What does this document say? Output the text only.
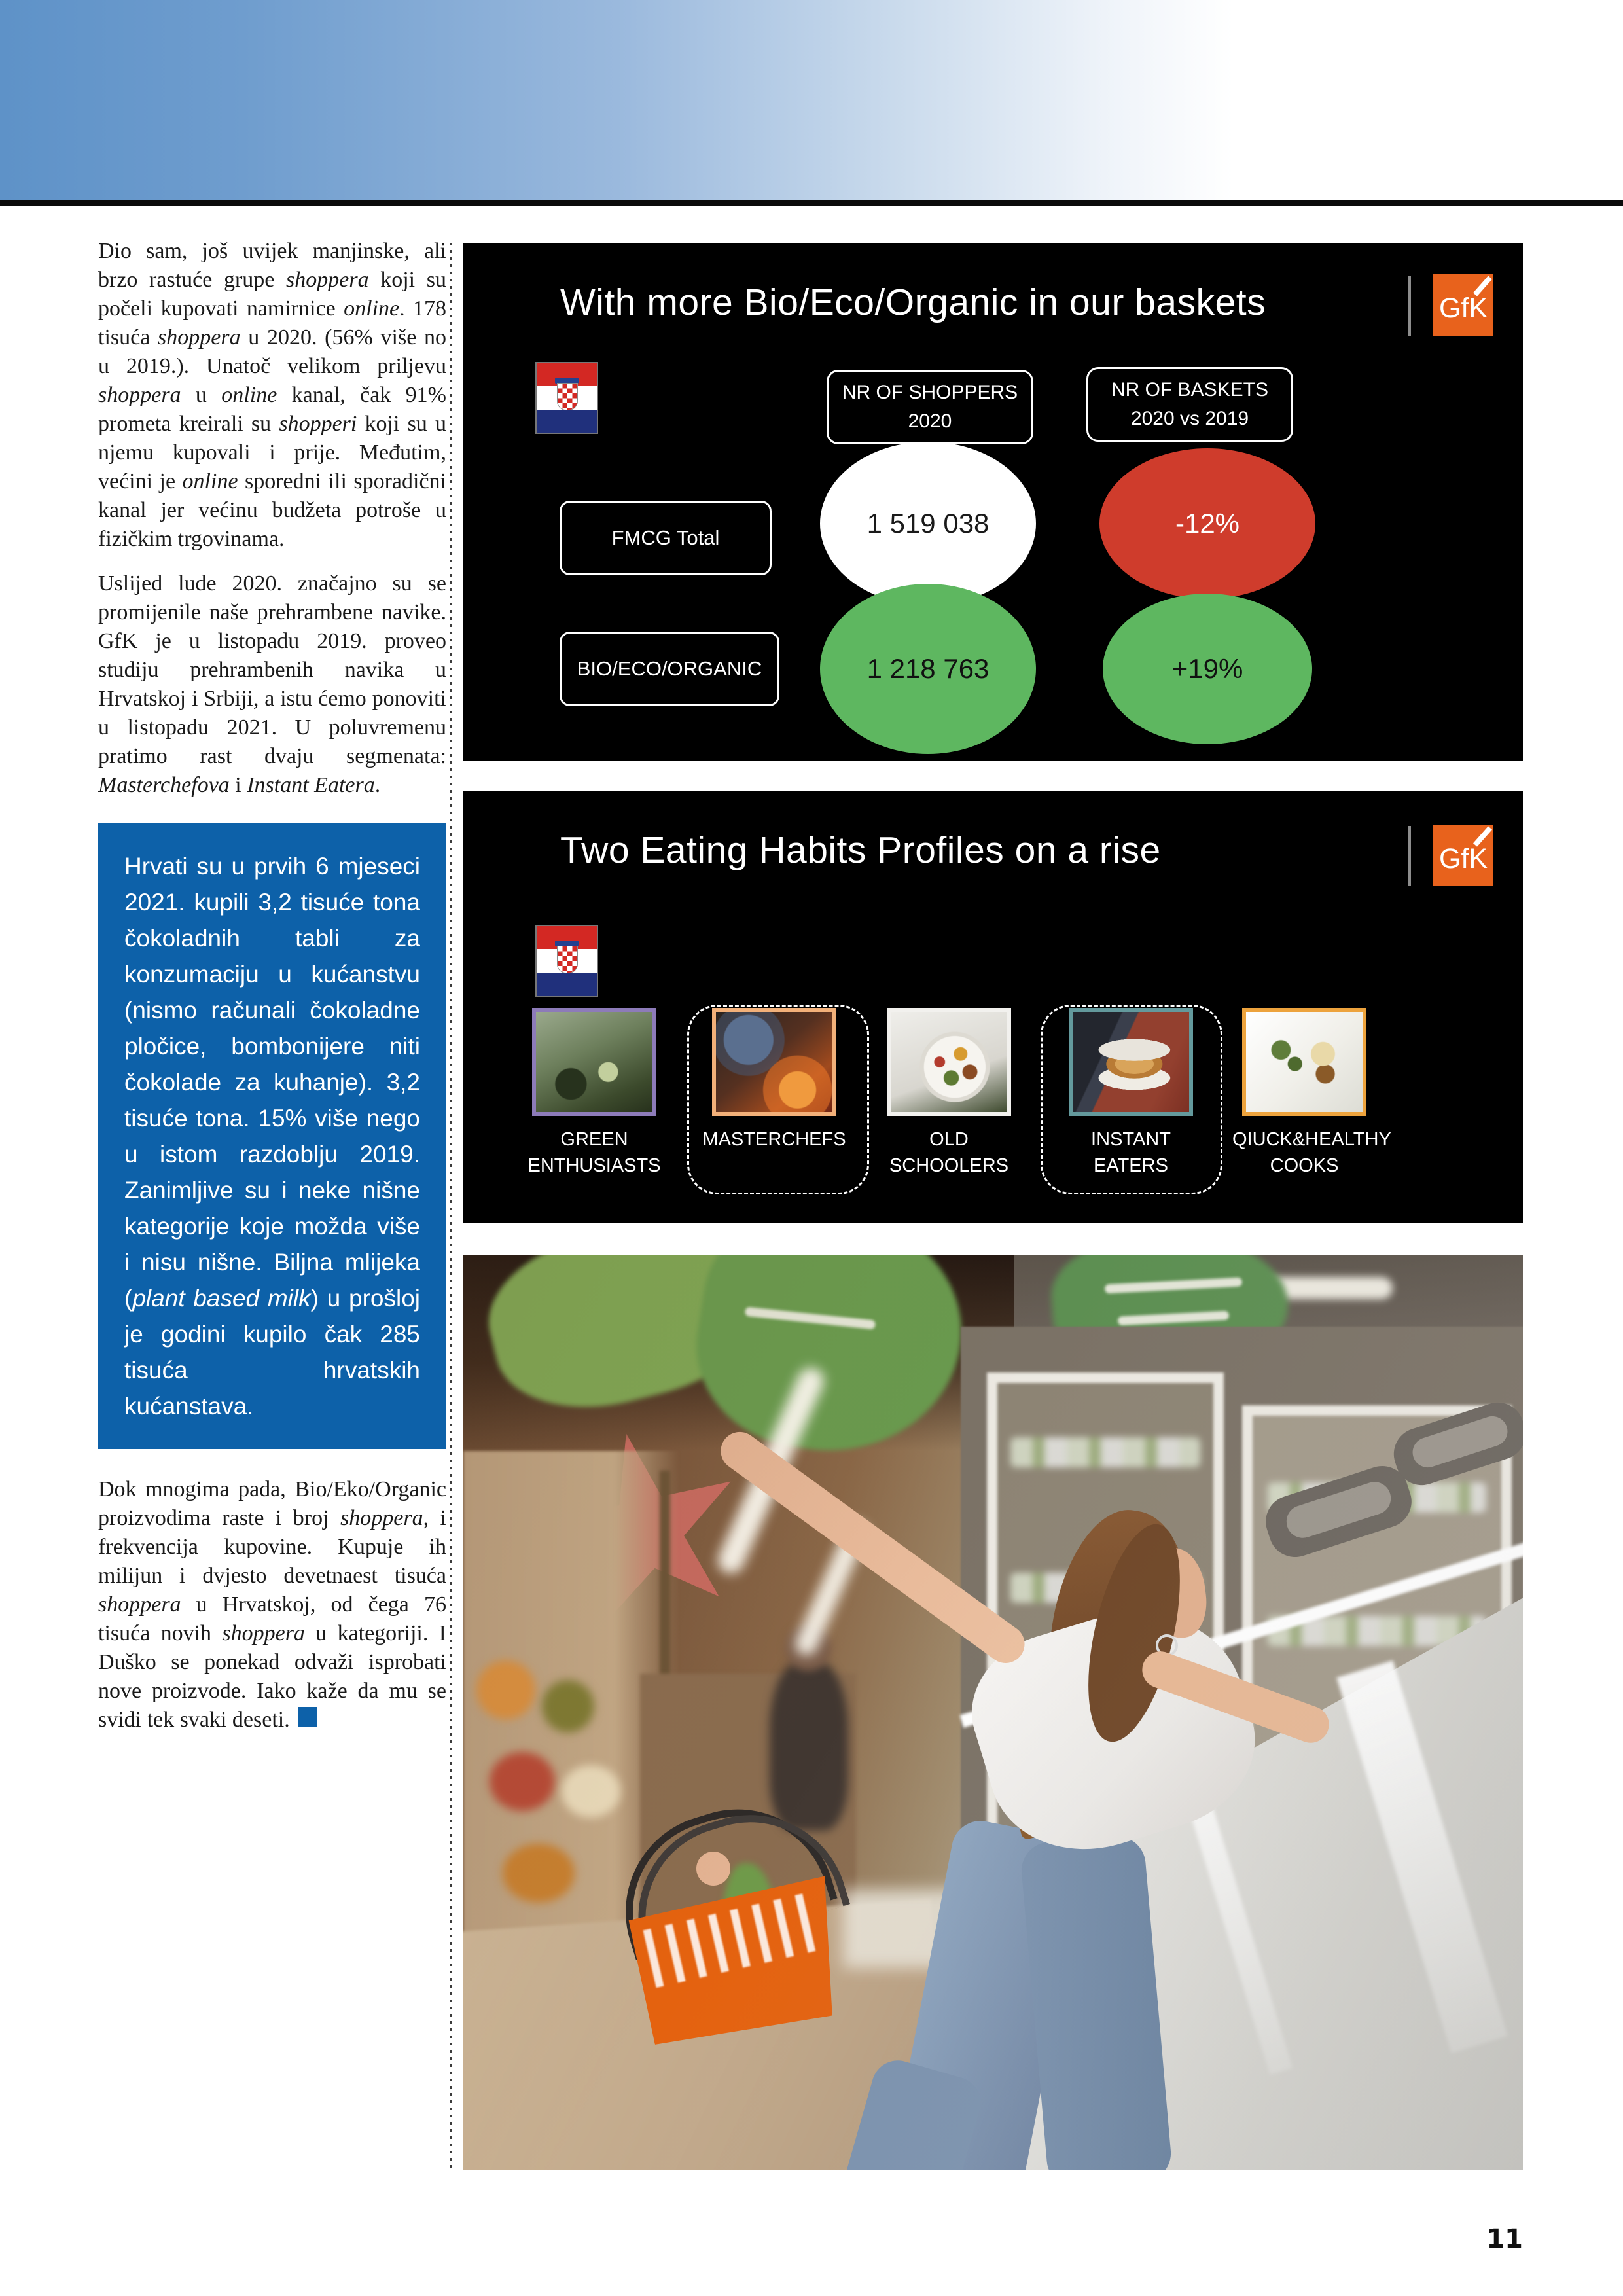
Dio sam, još uvijek manjinske, ali brzo rastuće grupe shoppera koji su počeli kupovati namirnice online. 178 tisuća shoppera u 2020. (56% više no u 2019.). Unatoč velikom priljevu shoppera u online kanal, čak 91% prometa kreirali su shopperi koji su u njemu kupovali i prije. Međutim, većini je online sporedni ili sporadični kanal jer većinu budžeta potroše u fizičkim trgovinama.

Uslijed lude 2020. značajno su se promijenile naše prehrambene navike. GfK je u listopadu 2019. proveo studiju prehrambenih navika u Hrvatskoj i Srbiji, a istu ćemo ponoviti u listopadu 2021. U poluvremenu pratimo rast dvaju segmenata: Masterchefova i Instant Eatera.

Hrvati su u prvih 6 mjeseci 2021. kupili 3,2 tisuće tona čokoladnih tabli za konzumaciju u kućanstvu (nismo računali čokoladne pločice, bombonijere niti čokolade za kuhanje). 3,2 tisuće tona. 15% više nego u istom razdoblju 2019. Zanimljive su i neke nišne kategorije koje možda više i nisu nišne. Biljna mlijeka (plant based milk) u prošloj je godini kupilo čak 285 tisuća hrvatskih kućanstava.

Dok mnogima pada, Bio/Eko/Organic proizvodima raste i broj shoppera, i frekvencija kupovine. Kupuje ih milijun i dvjesto devetnaest tisuća shoppera u Hrvatskoj, od čega 76 tisuća novih shoppera u kategoriji. I Duško se ponekad odvaži isprobati nove proizvode. Iako kaže da mu se svidi tek svaki deseti.

With more Bio/Eco/Organic in our baskets	GfK
NR OF SHOPPERS
2020
NR OF BASKETS
2020 vs 2019
FMCG Total	1 519 038	-12%
BIO/ECO/ORGANIC	1 218 763	+19%
Two Eating Habits Profiles on a rise	GfK
GREEN
ENTHUSIASTS
MASTERCHEFS	OLD
SCHOOLERS
INSTANT
EATERS
QIUCK&HEALTHY
COOKS
11
